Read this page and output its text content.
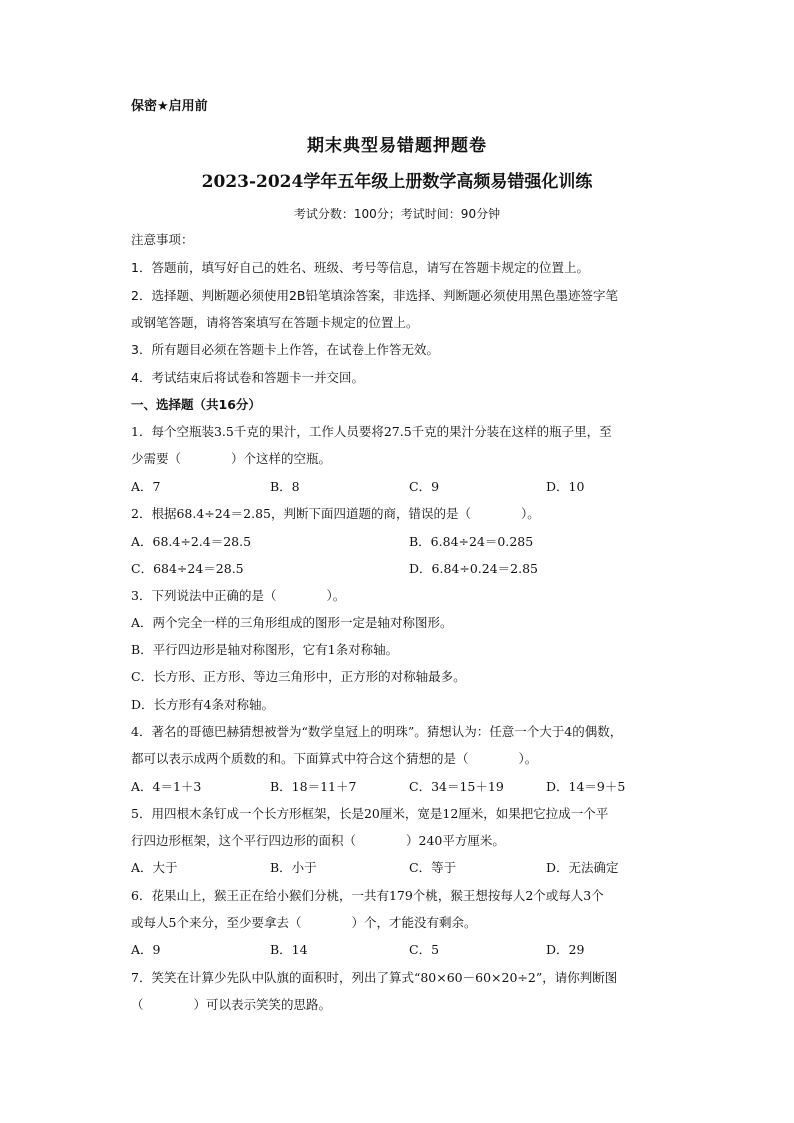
保密★启用前
期末典型易错题押题卷
2023-2024学年五年级上册数学高频易错强化训练
考试分数：100分；考试时间：90分钟
注意事项：
1．答题前，填写好自己的姓名、班级、考号等信息，请写在答题卡规定的位置上。
2．选择题、判断题必须使用2B铅笔填涂答案，非选择、判断题必须使用黑色墨迹签字笔
或钢笔答题，请将答案填写在答题卡规定的位置上。
3．所有题目必须在答题卡上作答，在试卷上作答无效。
4．考试结束后将试卷和答题卡一并交回。
一、选择题（共16分）
1．每个空瓶装3.5千克的果汁，工作人员要将27.5千克的果汁分装在这样的瓶子里，至
少需要（　　　　）个这样的空瓶。
A．7	B．8	C．9	D．10
2．根据68.4÷24＝2.85，判断下面四道题的商，错误的是（　　　　）。
A．68.4÷2.4＝28.5	B．6.84÷24＝0.285
C．684÷24＝28.5	D．6.84÷0.24＝2.85
3．下列说法中正确的是（　　　　）。
A．两个完全一样的三角形组成的图形一定是轴对称图形。
B．平行四边形是轴对称图形，它有1条对称轴。
C．长方形、正方形、等边三角形中，正方形的对称轴最多。
D．长方形有4条对称轴。
4．著名的哥德巴赫猜想被誉为“数学皇冠上的明珠”。猜想认为：任意一个大于4的偶数，
都可以表示成两个质数的和。下面算式中符合这个猜想的是（　　　　）。
A．4＝1＋3	B．18＝11＋7	C．34＝15＋19	D．14＝9＋5
5．用四根木条钉成一个长方形框架，长是20厘米，宽是12厘米，如果把它拉成一个平
行四边形框架，这个平行四边形的面积（　　　　）240平方厘米。
A．大于	B．小于	C．等于	D．无法确定
6．花果山上，猴王正在给小猴们分桃，一共有179个桃，猴王想按每人2个或每人3个
或每人5个来分，至少要拿去（　　　　）个，才能没有剩余。
A．9	B．14	C．5	D．29
7．笑笑在计算少先队中队旗的面积时，列出了算式“80×60－60×20÷2”，请你判断图
（　　　　）可以表示笑笑的思路。
